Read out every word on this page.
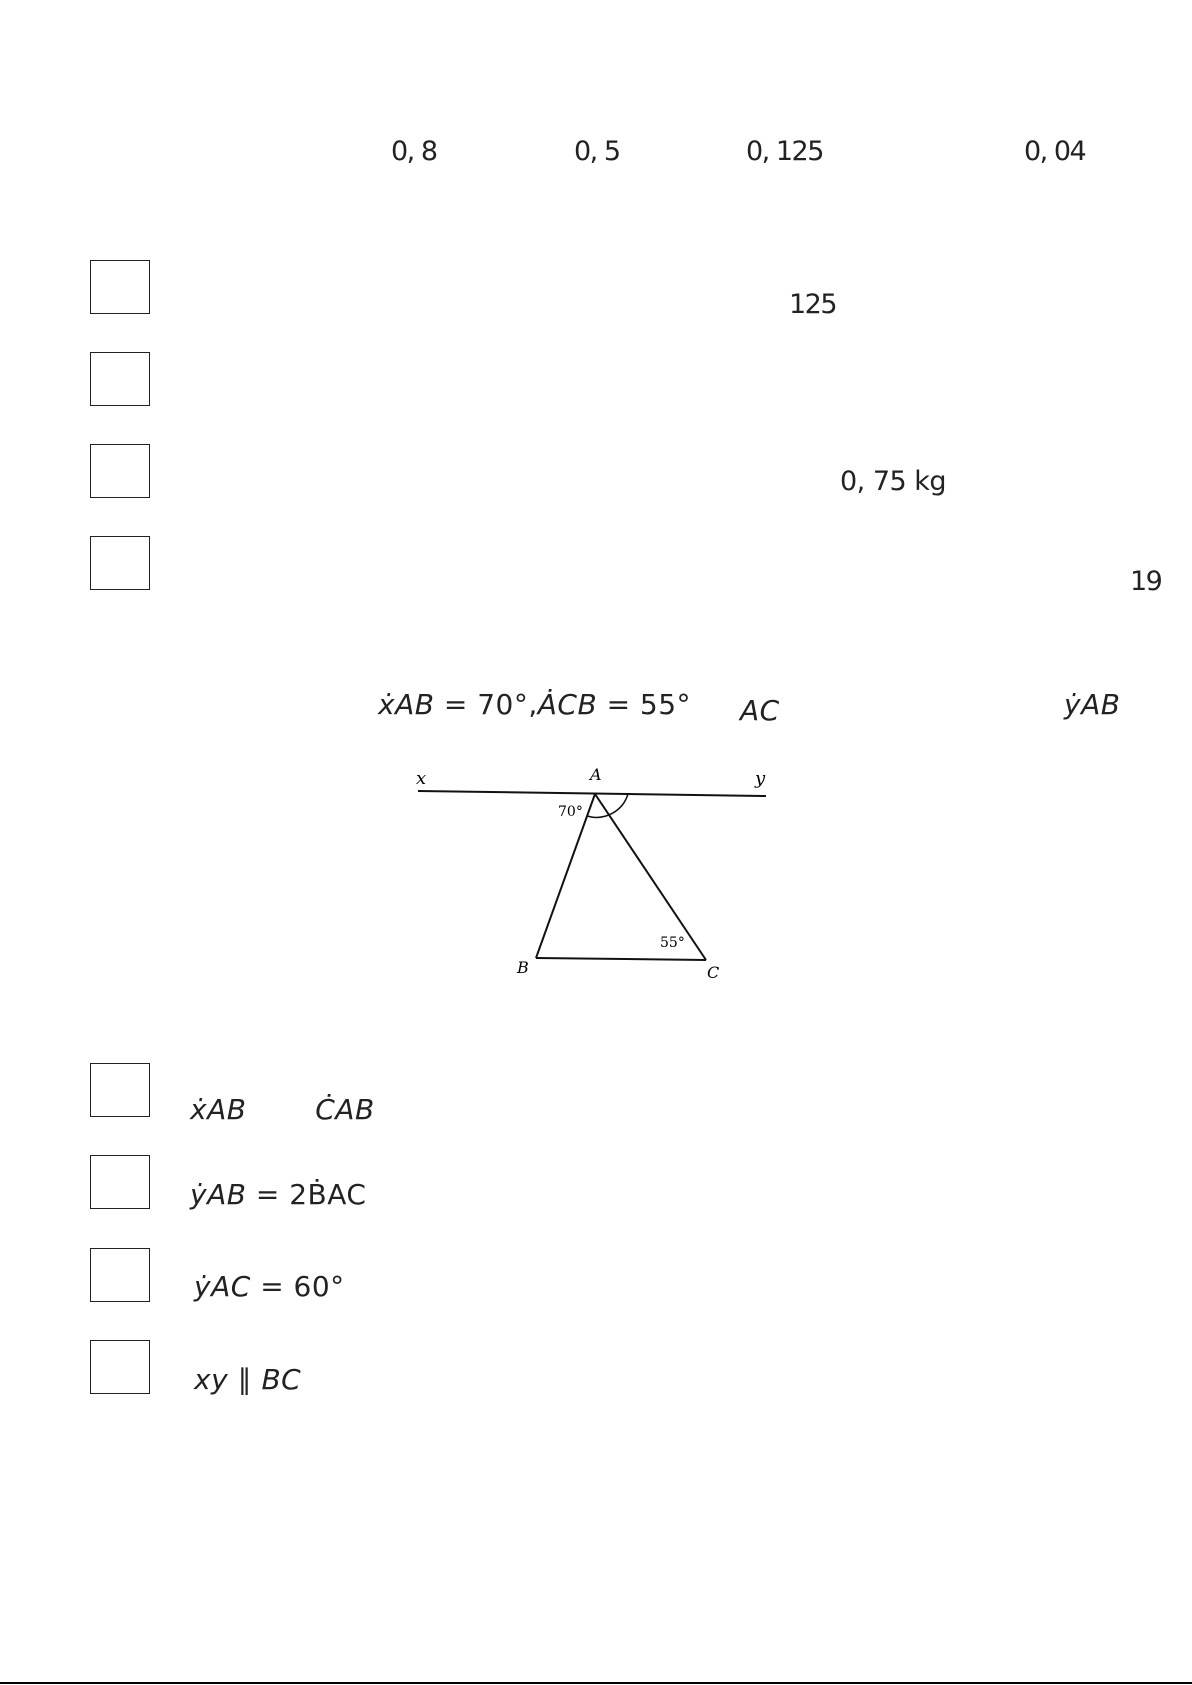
0, 8	0, 5	0, 125	0, 04
125
0, 75 kg
19
ẋAB = 70°,ȦCB = 55° AC	ẏAB
x	A	y
B	C
70°
55°
ẋAB ĊAB
ẏAB = 2ḂAC
ẏAC = 60°
xy ∥ BC
